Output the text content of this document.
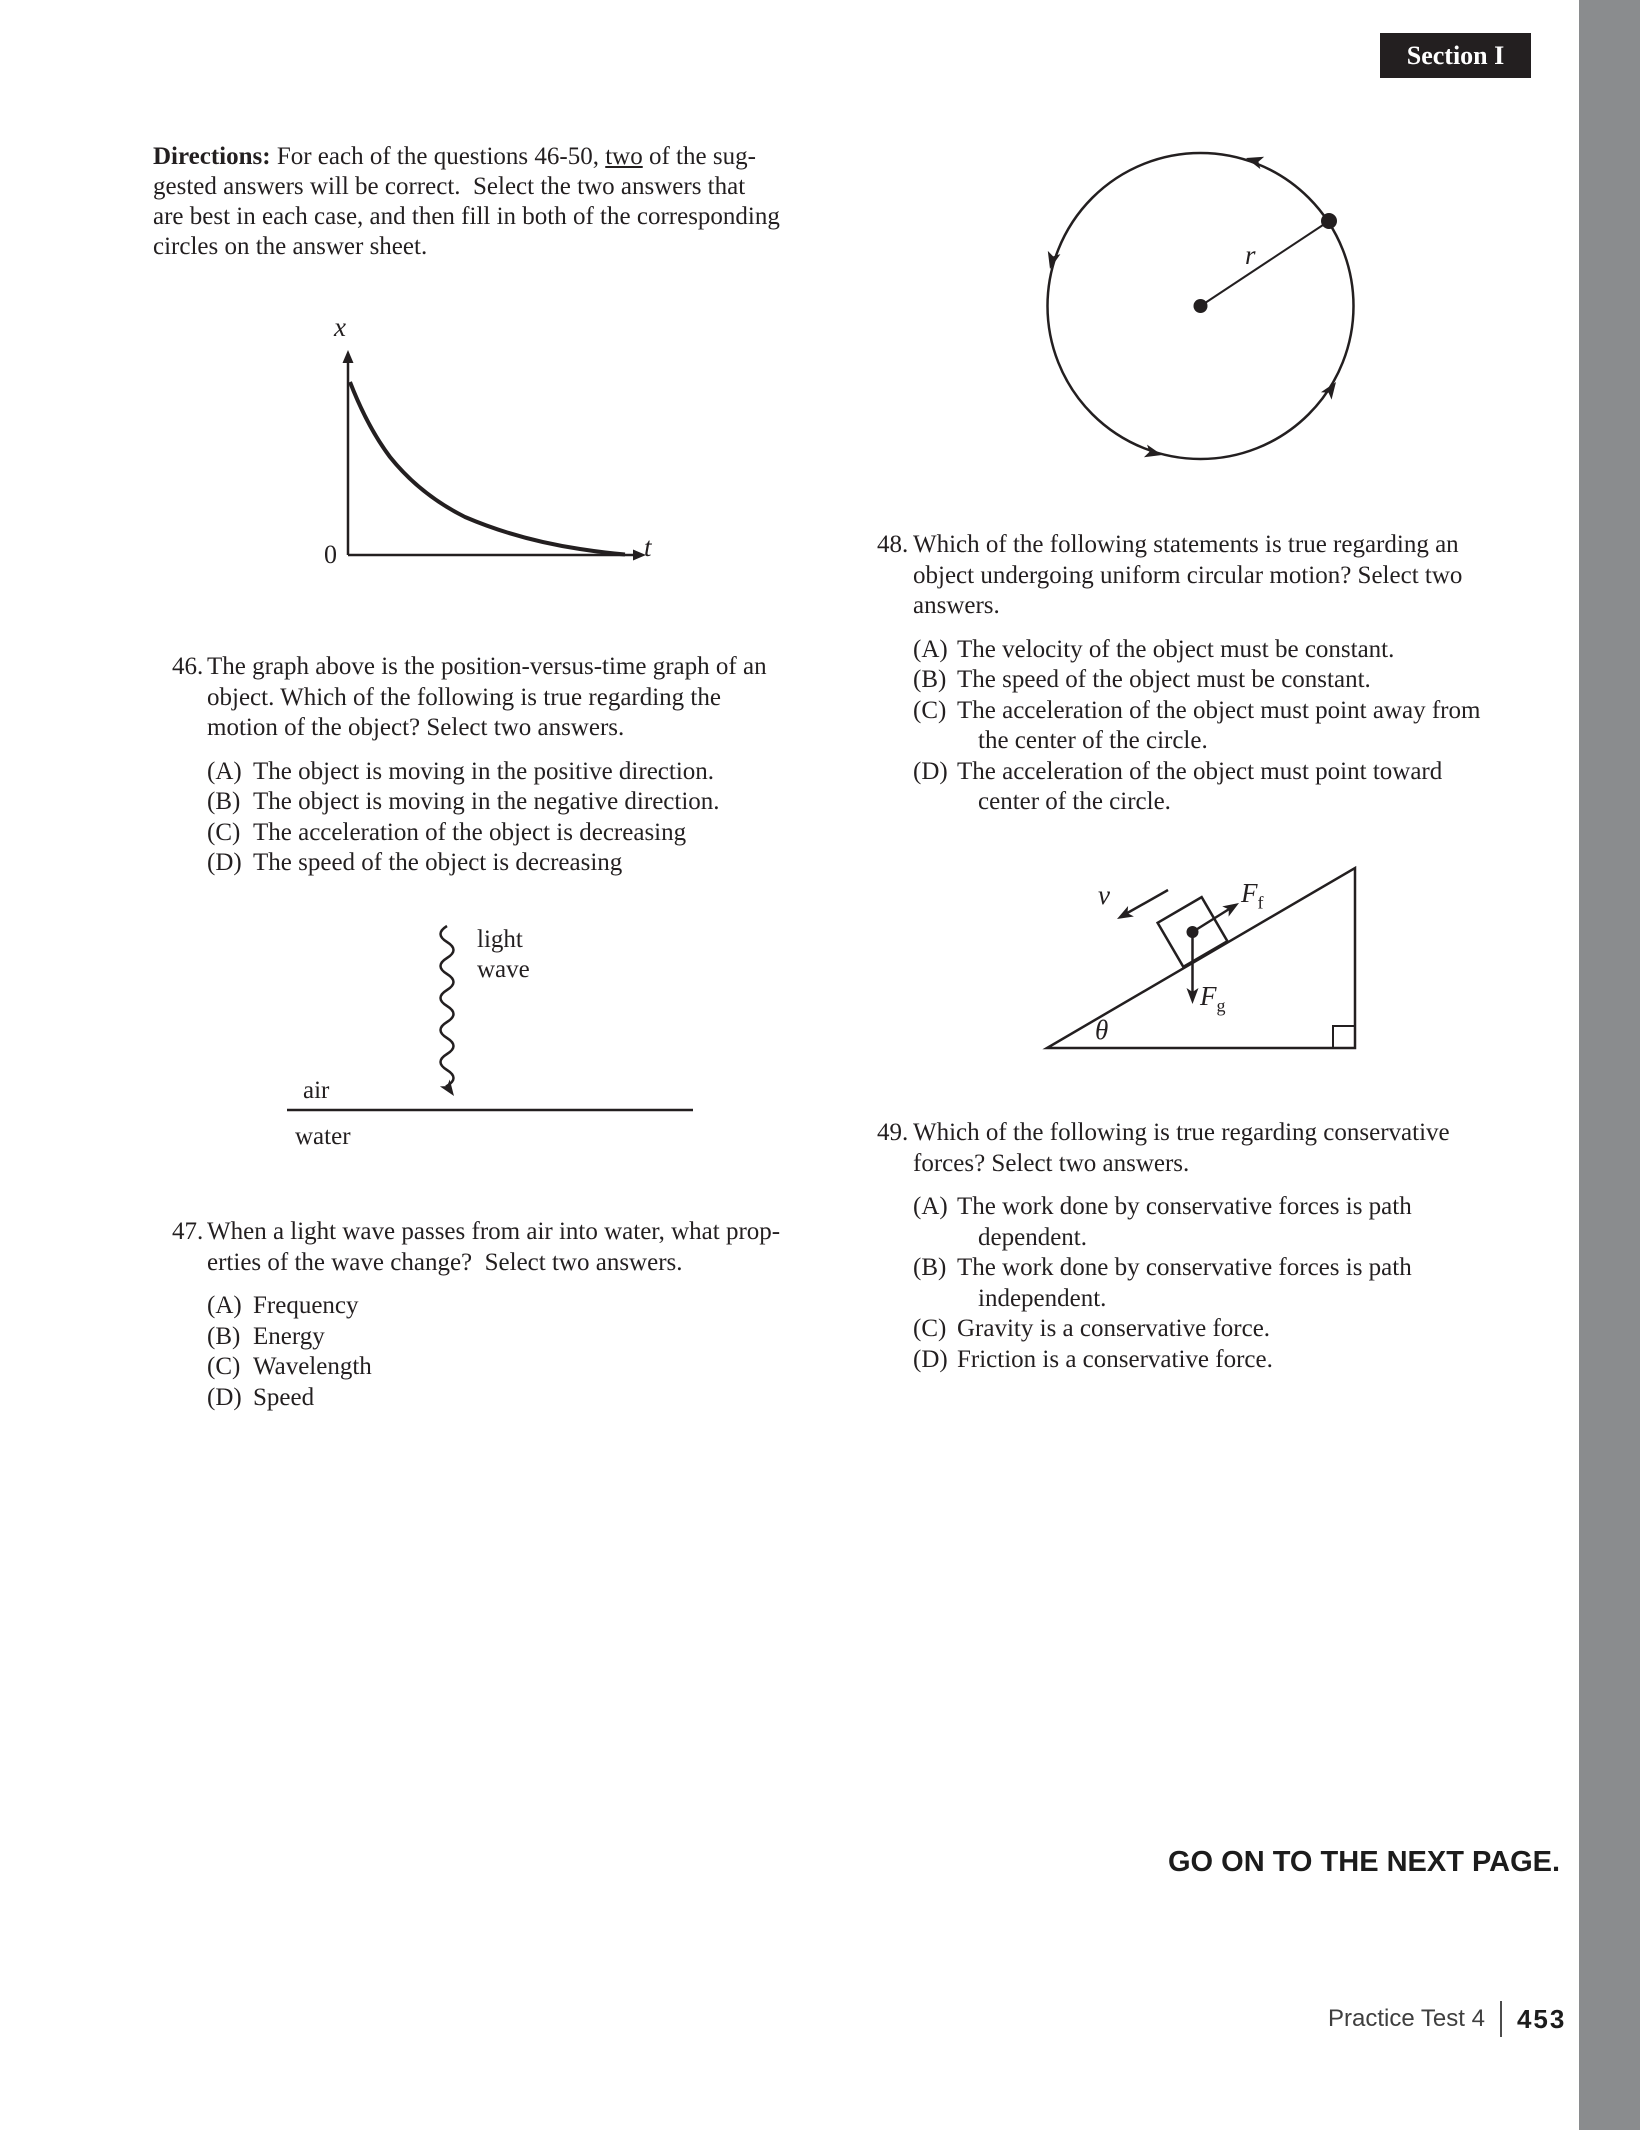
Section I

Directions: For each of the questions 46-50, two of the sug-
gested answers will be correct.  Select the two answers that
are best in each case, and then fill in both of the corresponding
circles on the answer sheet.

x
0	t
46. The graph above is the position-versus-time graph of an
object. Which of the following is true regarding the
motion of the object? Select two answers.
(A) The object is moving in the positive direction.
(B) The object is moving in the negative direction.
(C) The acceleration of the object is decreasing
(D) The speed of the object is decreasing
light
wave
air
water
47. When a light wave passes from air into water, what prop-
erties of the wave change?  Select two answers.
(A) Frequency
(B) Energy
(C) Wavelength
(D) Speed
r
48. Which of the following statements is true regarding an
object undergoing uniform circular motion? Select two
answers.
(A) The velocity of the object must be constant.
(B) The speed of the object must be constant.
(C) The acceleration of the object must point away from
the center of the circle.
(D) The acceleration of the object must point toward
center of the circle.
v	$F_f$
$F_g$
θ
49. Which of the following is true regarding conservative
forces? Select two answers.
(A) The work done by conservative forces is path
dependent.
(B) The work done by conservative forces is path
independent.
(C) Gravity is a conservative force.
(D) Friction is a conservative force.
GO ON TO THE NEXT PAGE.
Practice Test 4 453
